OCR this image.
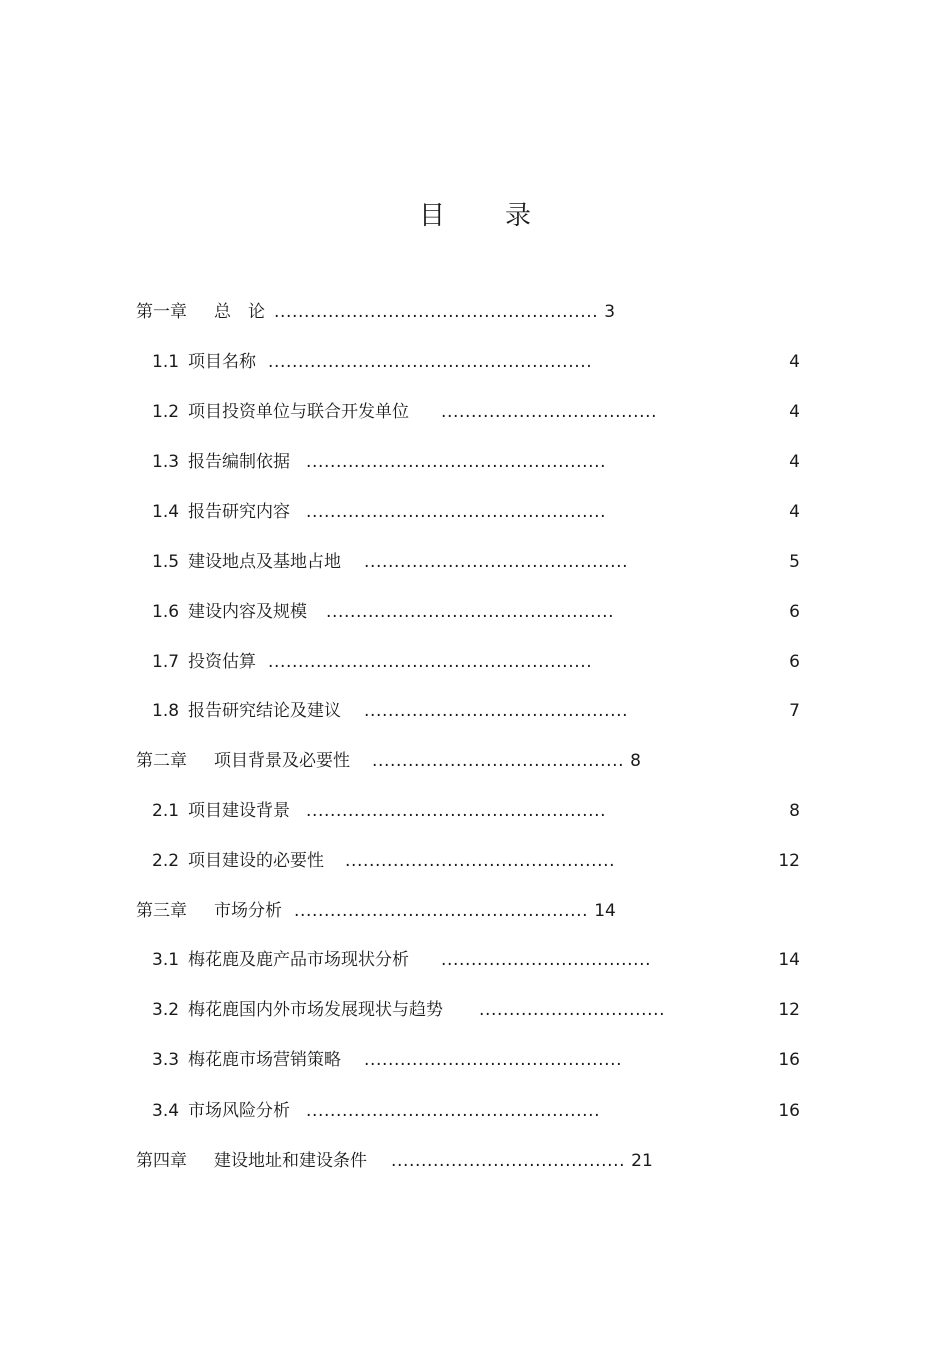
目 录
第一章 总　论 ...................................................... 3
1.1 项目名称 ......................................................	4
1.2 项目投资单位与联合开发单位 ....................................	4
1.3 报告编制依据 ..................................................	4
1.4 报告研究内容 ..................................................	4
1.5 建设地点及基地占地 ............................................	5
1.6 建设内容及规模 ................................................	6
1.7 投资估算 ......................................................	6
1.8 报告研究结论及建议 ............................................	7
第二章 项目背景及必要性 .......................................... 8
2.1 项目建设背景 ..................................................	8
2.2 项目建设的必要性 .............................................	12
第三章 市场分析 ................................................. 14
3.1 梅花鹿及鹿产品市场现状分析 ...................................	14
3.2 梅花鹿国内外市场发展现状与趋势 ...............................	12
3.3 梅花鹿市场营销策略 ...........................................	16
3.4 市场风险分析 .................................................	16
第四章 建设地址和建设条件 ....................................... 21
